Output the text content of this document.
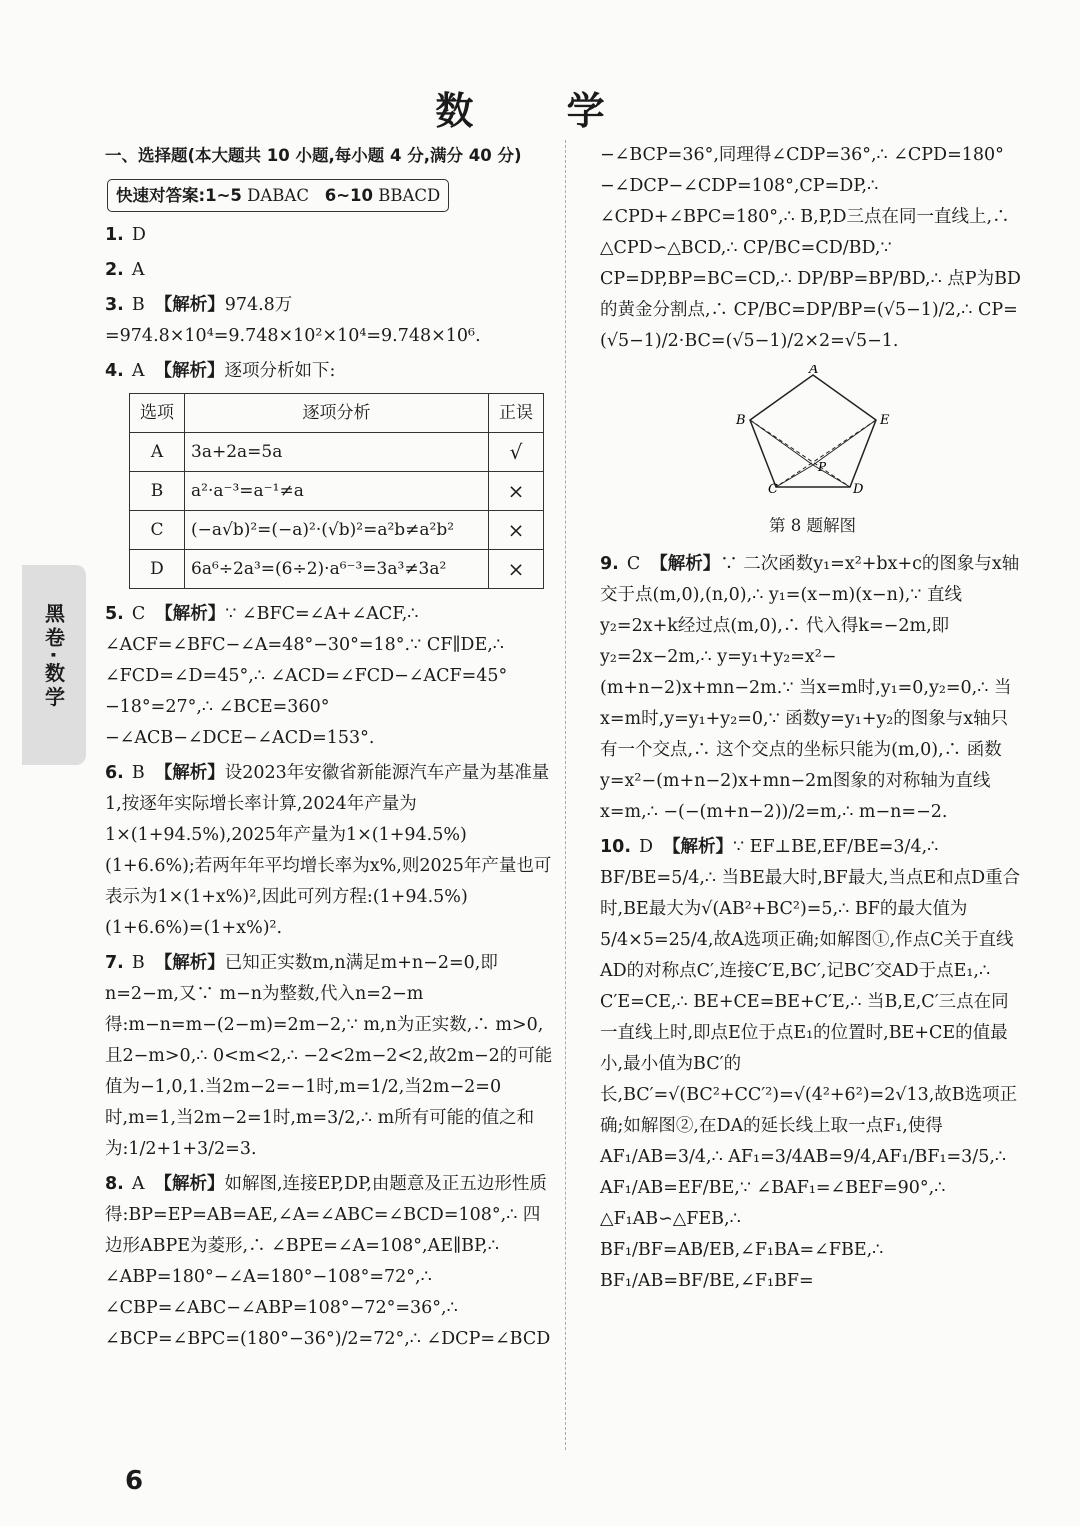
数 学
黑卷·数学
一、选择题(本大题共 10 小题,每小题 4 分,满分 40 分)
快速对答案:1~5 DABAC 6~10 BBACD
1. D
2. A
3. B 【解析】974.8万=974.8×10⁴=9.748×10²×10⁴=9.748×10⁶.
4. A 【解析】逐项分析如下:
选项	逐项分析	正误
A	3a+2a=5a	√
B	a²·a⁻³=a⁻¹≠a	×
C	(−a√b)²=(−a)²·(√b)²=a²b≠a²b²	×
D	6a⁶÷2a³=(6÷2)·a⁶⁻³=3a³≠3a²	×
5. C 【解析】∵ ∠BFC=∠A+∠ACF,∴ ∠ACF=∠BFC−∠A=48°−30°=18°.∵ CF∥DE,∴ ∠FCD=∠D=45°,∴ ∠ACD=∠FCD−∠ACF=45°−18°=27°,∴ ∠BCE=360°−∠ACB−∠DCE−∠ACD=153°.
6. B 【解析】设2023年安徽省新能源汽车产量为基准量1,按逐年实际增长率计算,2024年产量为1×(1+94.5%),2025年产量为1×(1+94.5%)(1+6.6%);若两年年平均增长率为x%,则2025年产量也可表示为1×(1+x%)²,因此可列方程:(1+94.5%)(1+6.6%)=(1+x%)².
7. B 【解析】已知正实数m,n满足m+n−2=0,即n=2−m,又∵ m−n为整数,代入n=2−m得:m−n=m−(2−m)=2m−2,∵ m,n为正实数,∴ m>0,且2−m>0,∴ 0<m<2,∴ −2<2m−2<2,故2m−2的可能值为−1,0,1.当2m−2=−1时,m=1/2,当2m−2=0时,m=1,当2m−2=1时,m=3/2,∴ m所有可能的值之和为:1/2+1+3/2=3.
8. A 【解析】如解图,连接EP,DP,由题意及正五边形性质得:BP=EP=AB=AE,∠A=∠ABC=∠BCD=108°,∴ 四边形ABPE为菱形,∴ ∠BPE=∠A=108°,AE∥BP,∴ ∠ABP=180°−∠A=180°−108°=72°,∴ ∠CBP=∠ABC−∠ABP=108°−72°=36°,∴ ∠BCP=∠BPC=(180°−36°)/2=72°,∴ ∠DCP=∠BCD
−∠BCP=36°,同理得∠CDP=36°,∴ ∠CPD=180°−∠DCP−∠CDP=108°,CP=DP,∴ ∠CPD+∠BPC=180°,∴ B,P,D三点在同一直线上,∴ △CPD∽△BCD,∴ CP/BC=CD/BD,∵ CP=DP,BP=BC=CD,∴ DP/BP=BP/BD,∴ 点P为BD的黄金分割点,∴ CP/BC=DP/BP=(√5−1)/2,∴ CP=(√5−1)/2·BC=(√5−1)/2×2=√5−1.
A
B	E
P
C	D
第 8 题解图
9. C 【解析】∵ 二次函数y₁=x²+bx+c的图象与x轴交于点(m,0),(n,0),∴ y₁=(x−m)(x−n),∵ 直线y₂=2x+k经过点(m,0),∴ 代入得k=−2m,即y₂=2x−2m,∴ y=y₁+y₂=x²−(m+n−2)x+mn−2m.∵ 当x=m时,y₁=0,y₂=0,∴ 当x=m时,y=y₁+y₂=0,∵ 函数y=y₁+y₂的图象与x轴只有一个交点,∴ 这个交点的坐标只能为(m,0),∴ 函数y=x²−(m+n−2)x+mn−2m图象的对称轴为直线x=m,∴ −(−(m+n−2))/2=m,∴ m−n=−2.
10. D 【解析】∵ EF⊥BE,EF/BE=3/4,∴ BF/BE=5/4,∴ 当BE最大时,BF最大,当点E和点D重合时,BE最大为√(AB²+BC²)=5,∴ BF的最大值为5/4×5=25/4,故A选项正确;如解图①,作点C关于直线AD的对称点C′,连接C′E,BC′,记BC′交AD于点E₁,∴ C′E=CE,∴ BE+CE=BE+C′E,∴ 当B,E,C′三点在同一直线上时,即点E位于点E₁的位置时,BE+CE的值最小,最小值为BC′的长,BC′=√(BC²+CC′²)=√(4²+6²)=2√13,故B选项正确;如解图②,在DA的延长线上取一点F₁,使得AF₁/AB=3/4,∴ AF₁=3/4AB=9/4,AF₁/BF₁=3/5,∴ AF₁/AB=EF/BE,∵ ∠BAF₁=∠BEF=90°,∴ △F₁AB∽△FEB,∴ BF₁/BF=AB/EB,∠F₁BA=∠FBE,∴ BF₁/AB=BF/BE,∠F₁BF=
6
